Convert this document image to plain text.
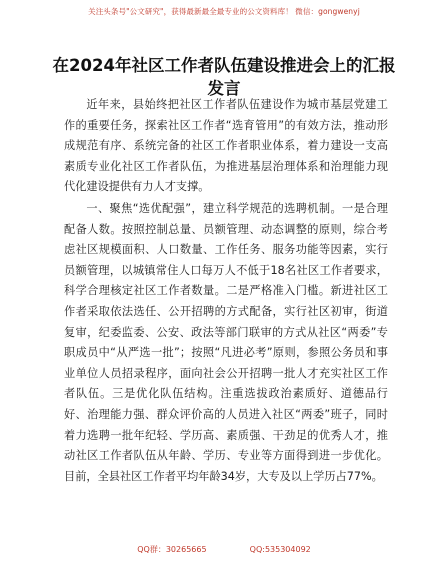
关注头条号"公文研究"，获得最新最全最专业的公文资料库！ 微信：gongwenyj
在2024年社区工作者队伍建设推进会上的汇报
发言

近年来，县始终把社区工作者队伍建设作为城市基层党建工作的重要任务，探索社区工作者“选育管用”的有效方法，推动形成规范有序、系统完备的社区工作者职业体系，着力建设一支高素质专业化社区工作者队伍，为推进基层治理体系和治理能力现代化建设提供有力人才支撑。

一、聚焦“选优配强”，建立科学规范的选聘机制。一是合理配备人数。按照控制总量、员额管理、动态调整的原则，综合考虑社区规模面积、人口数量、工作任务、服务功能等因素，实行员额管理，以城镇常住人口每万人不低于18名社区工作者要求，科学合理核定社区工作者数量。二是严格准入门槛。新进社区工作者采取依法选任、公开招聘的方式配备，实行社区初审，街道复审，纪委监委、公安、政法等部门联审的方式从社区“两委”专职成员中“从严选一批”；按照“凡进必考”原则，参照公务员和事业单位人员招录程序，面向社会公开招聘一批人才充实社区工作者队伍。三是优化队伍结构。注重选拔政治素质好、道德品行好、治理能力强、群众评价高的人员进入社区“两委”班子，同时着力选聘一批年纪轻、学历高、素质强、干劲足的优秀人才，推动社区工作者队伍从年龄、学历、专业等方面得到进一步优化。目前，全县社区工作者平均年龄34岁，大专及以上学历占77%。

QQ群：30265665	QQ:535304092
